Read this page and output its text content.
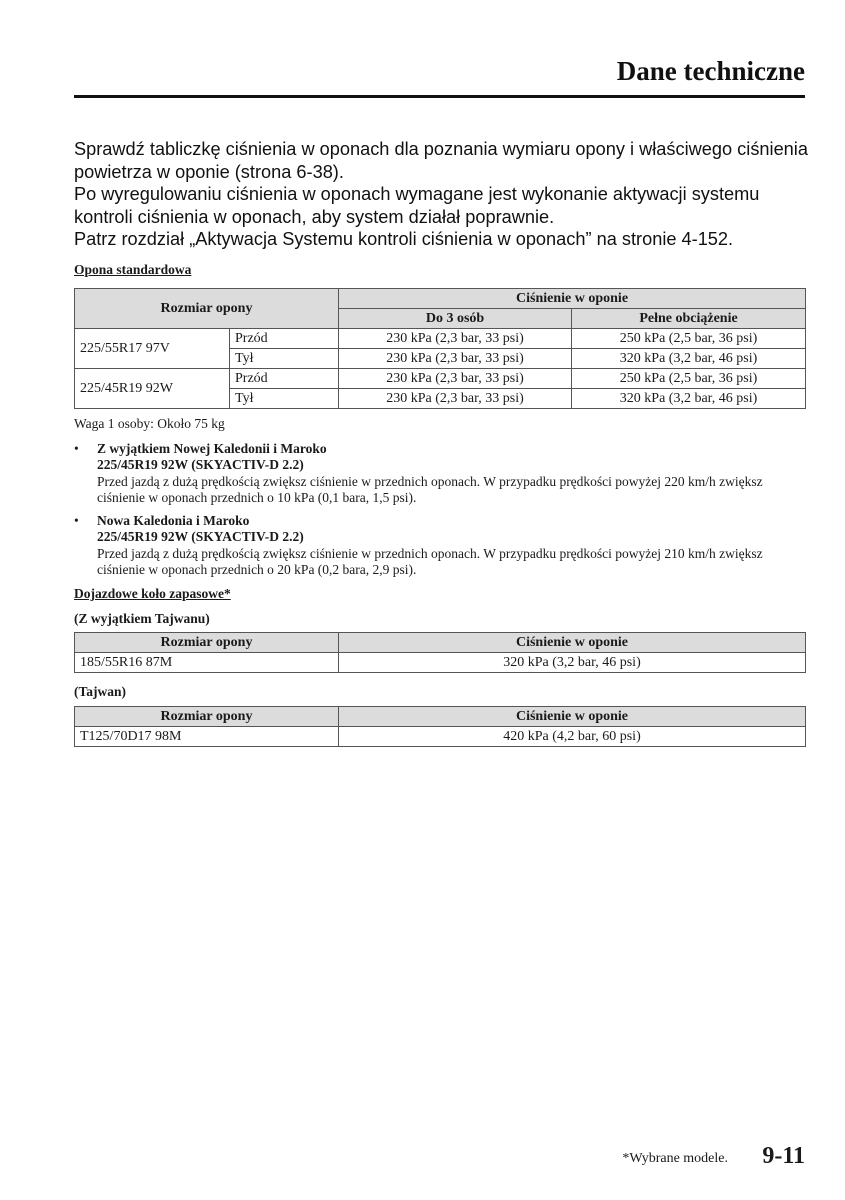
Dane techniczne

Sprawdź tabliczkę ciśnienia w oponach dla poznania wymiaru opony i właściwego ciśnienia powietrza w oponie (strona 6-38).

Po wyregulowaniu ciśnienia w oponach wymagane jest wykonanie aktywacji systemu kontroli ciśnienia w oponach, aby system działał poprawnie.

Patrz rozdział „Aktywacja Systemu kontroli ciśnienia w oponach” na stronie 4-152.

Opona standardowa
Rozmiar opony		Ciśnienie w oponie	
		Do 3 osób	Pełne obciążenie
225/55R17 97V	Przód	230 kPa (2,3 bar, 33 psi)	250 kPa (2,5 bar, 36 psi)
	Tył	230 kPa (2,3 bar, 33 psi)	320 kPa (3,2 bar, 46 psi)
225/45R19 92W	Przód	230 kPa (2,3 bar, 33 psi)	250 kPa (2,5 bar, 36 psi)
	Tył	230 kPa (2,3 bar, 33 psi)	320 kPa (3,2 bar, 46 psi)
Waga 1 osoby: Około 75 kg
• Z wyjątkiem Nowej Kaledonii i Maroko
225/45R19 92W (SKYACTIV-D 2.2)
Przed jazdą z dużą prędkością zwiększ ciśnienie w przednich oponach. W przypadku prędkości powyżej 220 km/h zwiększ ciśnienie w oponach przednich o 10 kPa (0,1 bara, 1,5 psi).
• Nowa Kaledonia i Maroko
225/45R19 92W (SKYACTIV-D 2.2)
Przed jazdą z dużą prędkością zwiększ ciśnienie w przednich oponach. W przypadku prędkości powyżej 210 km/h zwiększ ciśnienie w oponach przednich o 20 kPa (0,2 bara, 2,9 psi).
Dojazdowe koło zapasowe*
(Z wyjątkiem Tajwanu)
Rozmiar opony	Ciśnienie w oponie
185/55R16 87M	320 kPa (3,2 bar, 46 psi)
(Tajwan)
Rozmiar opony	Ciśnienie w oponie
T125/70D17 98M	420 kPa (4,2 bar, 60 psi)
*Wybrane modele. 9-11
